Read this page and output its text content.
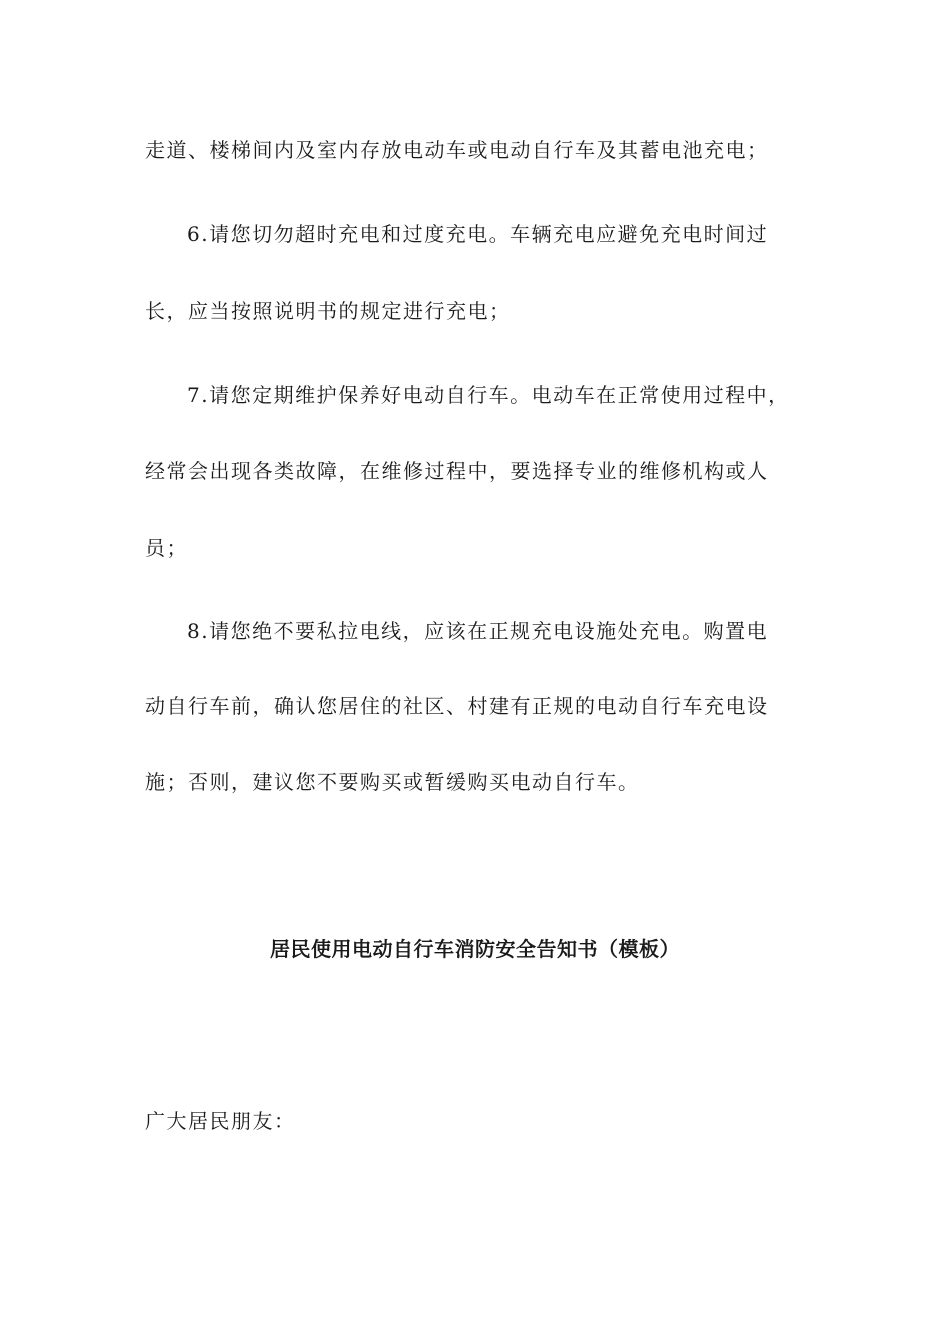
走道、楼梯间内及室内存放电动车或电动自行车及其蓄电池充电；
6.请您切勿超时充电和过度充电。车辆充电应避免充电时间过
长，应当按照说明书的规定进行充电；
7.请您定期维护保养好电动自行车。电动车在正常使用过程中，
经常会出现各类故障，在维修过程中，要选择专业的维修机构或人
员；
8.请您绝不要私拉电线，应该在正规充电设施处充电。购置电
动自行车前，确认您居住的社区、村建有正规的电动自行车充电设
施；否则，建议您不要购买或暂缓购买电动自行车。
居民使用电动自行车消防安全告知书（模板）
广大居民朋友：
